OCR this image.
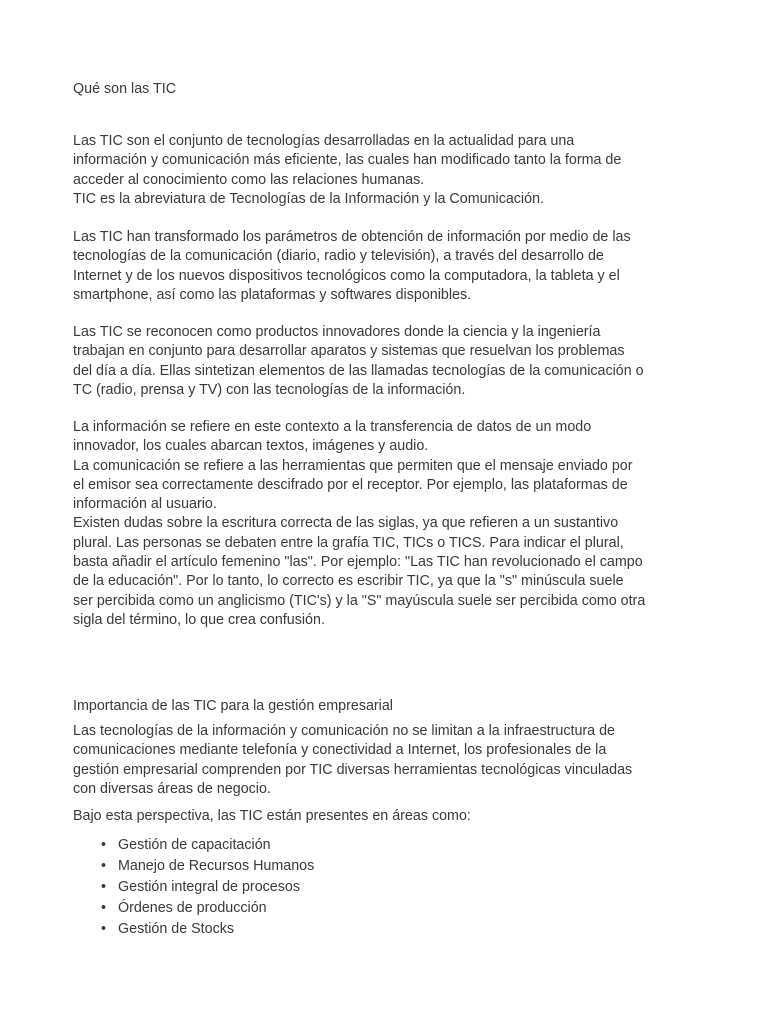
Qué son las TIC
Las TIC son el conjunto de tecnologías desarrolladas en la actualidad para una
información y comunicación más eficiente, las cuales han modificado tanto la forma de
acceder al conocimiento como las relaciones humanas.
TIC es la abreviatura de Tecnologías de la Información y la Comunicación.
Las TIC han transformado los parámetros de obtención de información por medio de las
tecnologías de la comunicación (diario, radio y televisión), a través del desarrollo de
Internet y de los nuevos dispositivos tecnológicos como la computadora, la tableta y el
smartphone, así como las plataformas y softwares disponibles.
Las TIC se reconocen como productos innovadores donde la ciencia y la ingeniería
trabajan en conjunto para desarrollar aparatos y sistemas que resuelvan los problemas
del día a día. Ellas sintetizan elementos de las llamadas tecnologías de la comunicación o
TC (radio, prensa y TV) con las tecnologías de la información.
La información se refiere en este contexto a la transferencia de datos de un modo
innovador, los cuales abarcan textos, imágenes y audio.
La comunicación se refiere a las herramientas que permiten que el mensaje enviado por
el emisor sea correctamente descifrado por el receptor. Por ejemplo, las plataformas de
información al usuario.
Existen dudas sobre la escritura correcta de las siglas, ya que refieren a un sustantivo
plural. Las personas se debaten entre la grafía TIC, TICs o TICS. Para indicar el plural,
basta añadir el artículo femenino "las". Por ejemplo: "Las TIC han revolucionado el campo
de la educación". Por lo tanto, lo correcto es escribir TIC, ya que la "s" minúscula suele
ser percibida como un anglicismo (TIC's) y la "S" mayúscula suele ser percibida como otra
sigla del término, lo que crea confusión.
Importancia de las TIC para la gestión empresarial
Las tecnologías de la información y comunicación no se limitan a la infraestructura de
comunicaciones mediante telefonía y conectividad a Internet, los profesionales de la
gestión empresarial comprenden por TIC diversas herramientas tecnológicas vinculadas
con diversas áreas de negocio.
Bajo esta perspectiva, las TIC están presentes en áreas como:
• Gestión de capacitación
• Manejo de Recursos Humanos
• Gestión integral de procesos
• Órdenes de producción
• Gestión de Stocks
